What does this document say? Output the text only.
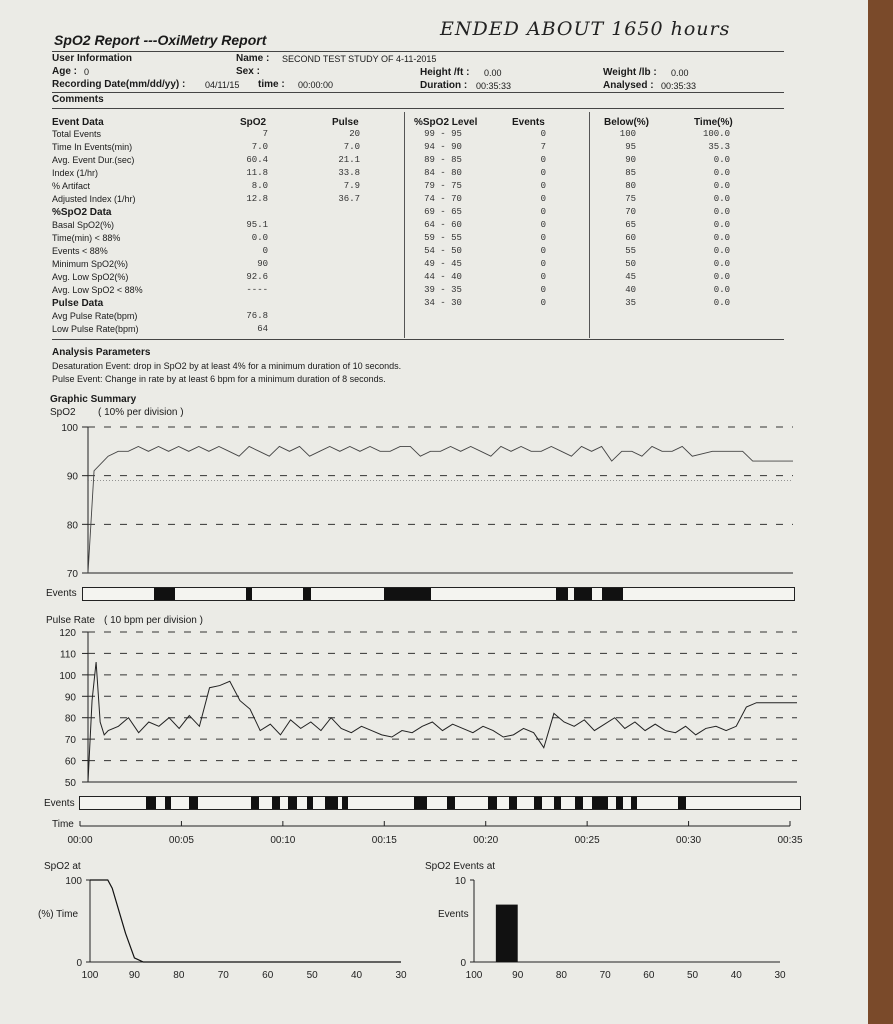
SpO2 Report ---OxiMetry Report	ENDED ABOUT 1650 hours
User Information	Name : SECOND TEST STUDY OF 4-11-2015
Age : 0	Sex :	Height /ft : 0.00	Weight /lb : 0.00
Recording Date(mm/dd/yy) : 04/11/15 time : 00:00:00	Duration : 00:35:33	Analysed : 00:35:33
Comments
Event Data	SpO2	Pulse
Total Events	7	20
Time In Events(min)	7.0	7.0
Avg. Event Dur.(sec)	60.4	21.1
Index (1/hr)	11.8	33.8
% Artifact	8.0	7.9
Adjusted Index (1/hr)	12.8	36.7
%SpO2 Data
Basal SpO2(%)	95.1
Time(min) < 88%	0.0
Events < 88%	0
Minimum SpO2(%)	90
Avg. Low SpO2(%)	92.6
Avg. Low SpO2 < 88%	----
Pulse Data
Avg Pulse Rate(bpm)	76.8
Low Pulse Rate(bpm)	64
%SpO2 Level	Events
99 - 95	0
94 - 90	7
89 - 85	0
84 - 80	0
79 - 75	0
74 - 70	0
69 - 65	0
64 - 60	0
59 - 55	0
54 - 50	0
49 - 45	0
44 - 40	0
39 - 35	0
34 - 30	0
Below(%)	Time(%)
100	100.0
95	35.3
90	0.0
85	0.0
80	0.0
75	0.0
70	0.0
65	0.0
60	0.0
55	0.0
50	0.0
45	0.0
40	0.0
35	0.0
Analysis Parameters
Desaturation Event: drop in SpO2 by at least 4% for a minimum duration of 10 seconds.
Pulse Event: Change in rate by at least 6 bpm for a minimum duration of 8 seconds.
Graphic Summary
SpO2 ( 10% per division )
100
90
80
70
120
110
100
90
80
70
60
50
00:00	00:05	00:10	00:15	00:20	00:25	00:30	00:35
100
0
100	90	80	70	60	50	40	30
10
0
100	90	80	70	60	50	40	30
Events
Pulse Rate ( 10 bpm per division )
Events
Time
SpO2 at
(%) Time
SpO2 Events at
Events
